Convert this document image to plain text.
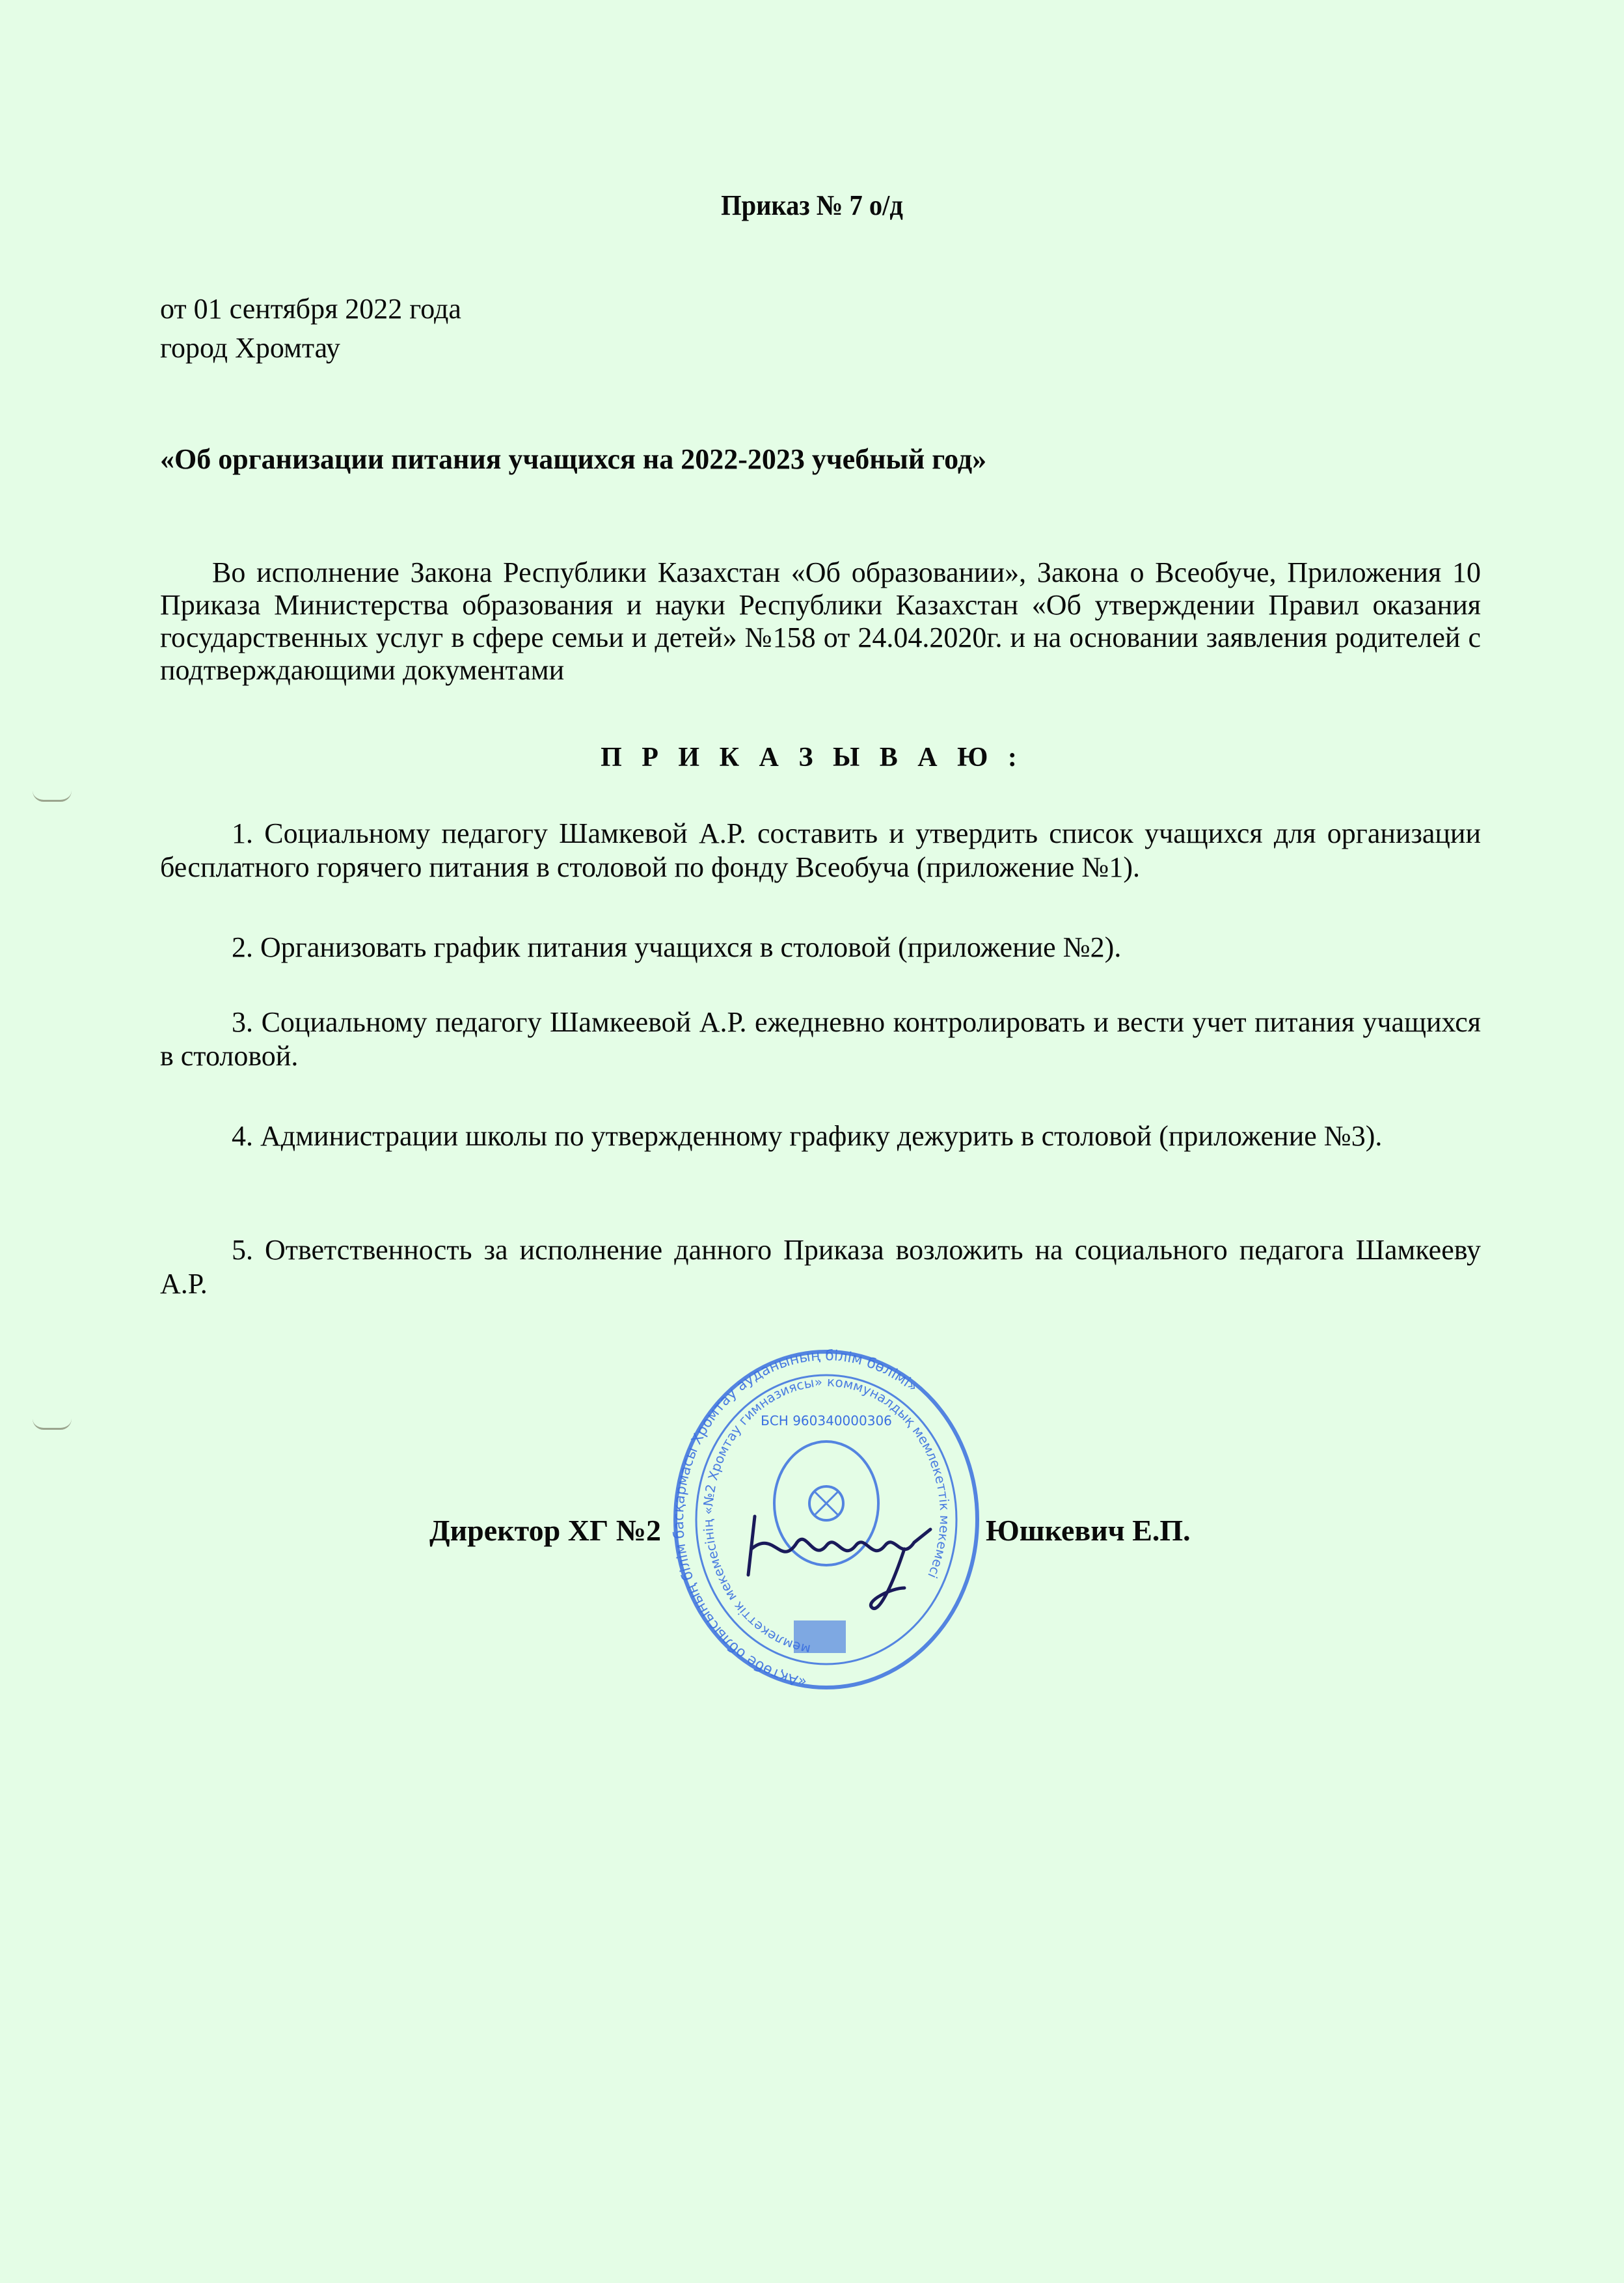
Приказ № 7 о/д
от 01 сентября 2022 года
город Хромтау
«Об организации питания учащихся на 2022-2023 учебный год»
Во исполнение Закона Республики Казахстан «Об образовании», Закона о Всеобуче, Приложения 10 Приказа Министерства образования и науки Республики Казахстан «Об утверждении Правил оказания государственных услуг в сфере семьи и детей» №158 от 24.04.2020г. и на основании заявления родителей с подтверждающими документами
П Р И К А З Ы В А Ю :
1. Социальному педагогу Шамкевой А.Р. составить и утвердить список учащихся для организации бесплатного горячего питания в столовой по фонду Всеобуча (приложение №1).
2. Организовать график питания учащихся в столовой (приложение №2).
3. Социальному педагогу Шамкеевой А.Р. ежедневно контролировать и вести учет питания учащихся в столовой.
4. Администрации школы по утвержденному графику дежурить в столовой (приложение №3).
5. Ответственность за исполнение данного Приказа возложить на социального педагога Шамкееву А.Р.
Директор ХГ №2	Юшкевич Е.П.
«Ақтөбе облысының білім басқармасы Хромтау ауданының білім бөлімі»
мемлекеттік мекемесінің «№2 Хромтау гимназиясы» коммуналдық мемлекеттік мекемесі
БСН 960340000306
